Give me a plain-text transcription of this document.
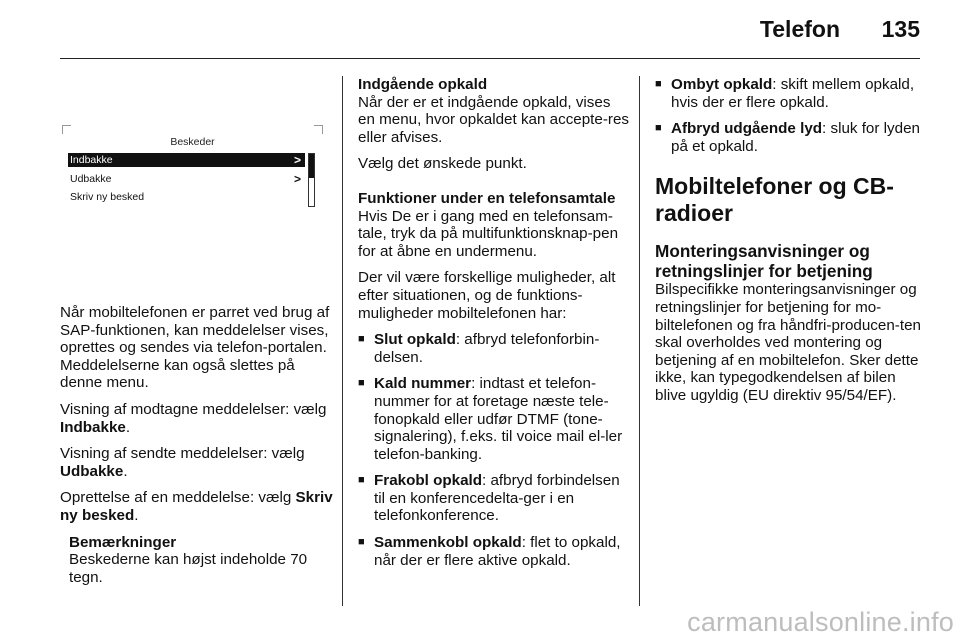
Telefon 135
Beskeder
Indbakke	>
Udbakke	>
Skriv ny besked

Når mobiltelefonen er parret ved brug af SAP-funktionen, kan meddelelser vises, oprettes og sendes via telefon-portalen. Meddelelserne kan også slettes på denne menu.

Visning af modtagne meddelelser: vælg Indbakke.

Visning af sendte meddelelser: vælg Udbakke.

Oprettelse af en meddelelse: vælg Skriv ny besked.

Bemærkninger
Beskederne kan højst indeholde 70 tegn.
Indgående opkald

Når der er et indgående opkald, vises en menu, hvor opkaldet kan accepte-res eller afvises.

Vælg det ønskede punkt.

Funktioner under en telefonsamtale

Hvis De er i gang med en telefonsam-tale, tryk da på multifunktionsknap-pen for at åbne en undermenu.

Der vil være forskellige muligheder, alt efter situationen, og de funktions-muligheder mobiltelefonen har:

■ Slut opkald: afbryd telefonforbin-delsen.
■ Kald nummer: indtast et telefon-nummer for at foretage næste tele-fonopkald eller udfør DTMF (tone-signalering), f.eks. til voice mail el-ler telefon-banking.
■ Frakobl opkald: afbryd forbindelsen til en konferencedelta-ger i en telefonkonference.
■ Sammenkobl opkald: flet to opkald, når der er flere aktive opkald.
■ Ombyt opkald: skift mellem opkald, hvis der er flere opkald.
■ Afbryd udgående lyd: sluk for lyden på et opkald.
Mobiltelefoner og CB-radioer
Monteringsanvisninger og retningslinjer for betjening

Bilspecifikke monteringsanvisninger og retningslinjer for betjening for mo-biltelefonen og fra håndfri-producen-ten skal overholdes ved montering og betjening af en mobiltelefon. Sker dette ikke, kan typegodkendelsen af bilen blive ugyldig (EU direktiv 95/54/EF).

carmanualsonline.info
